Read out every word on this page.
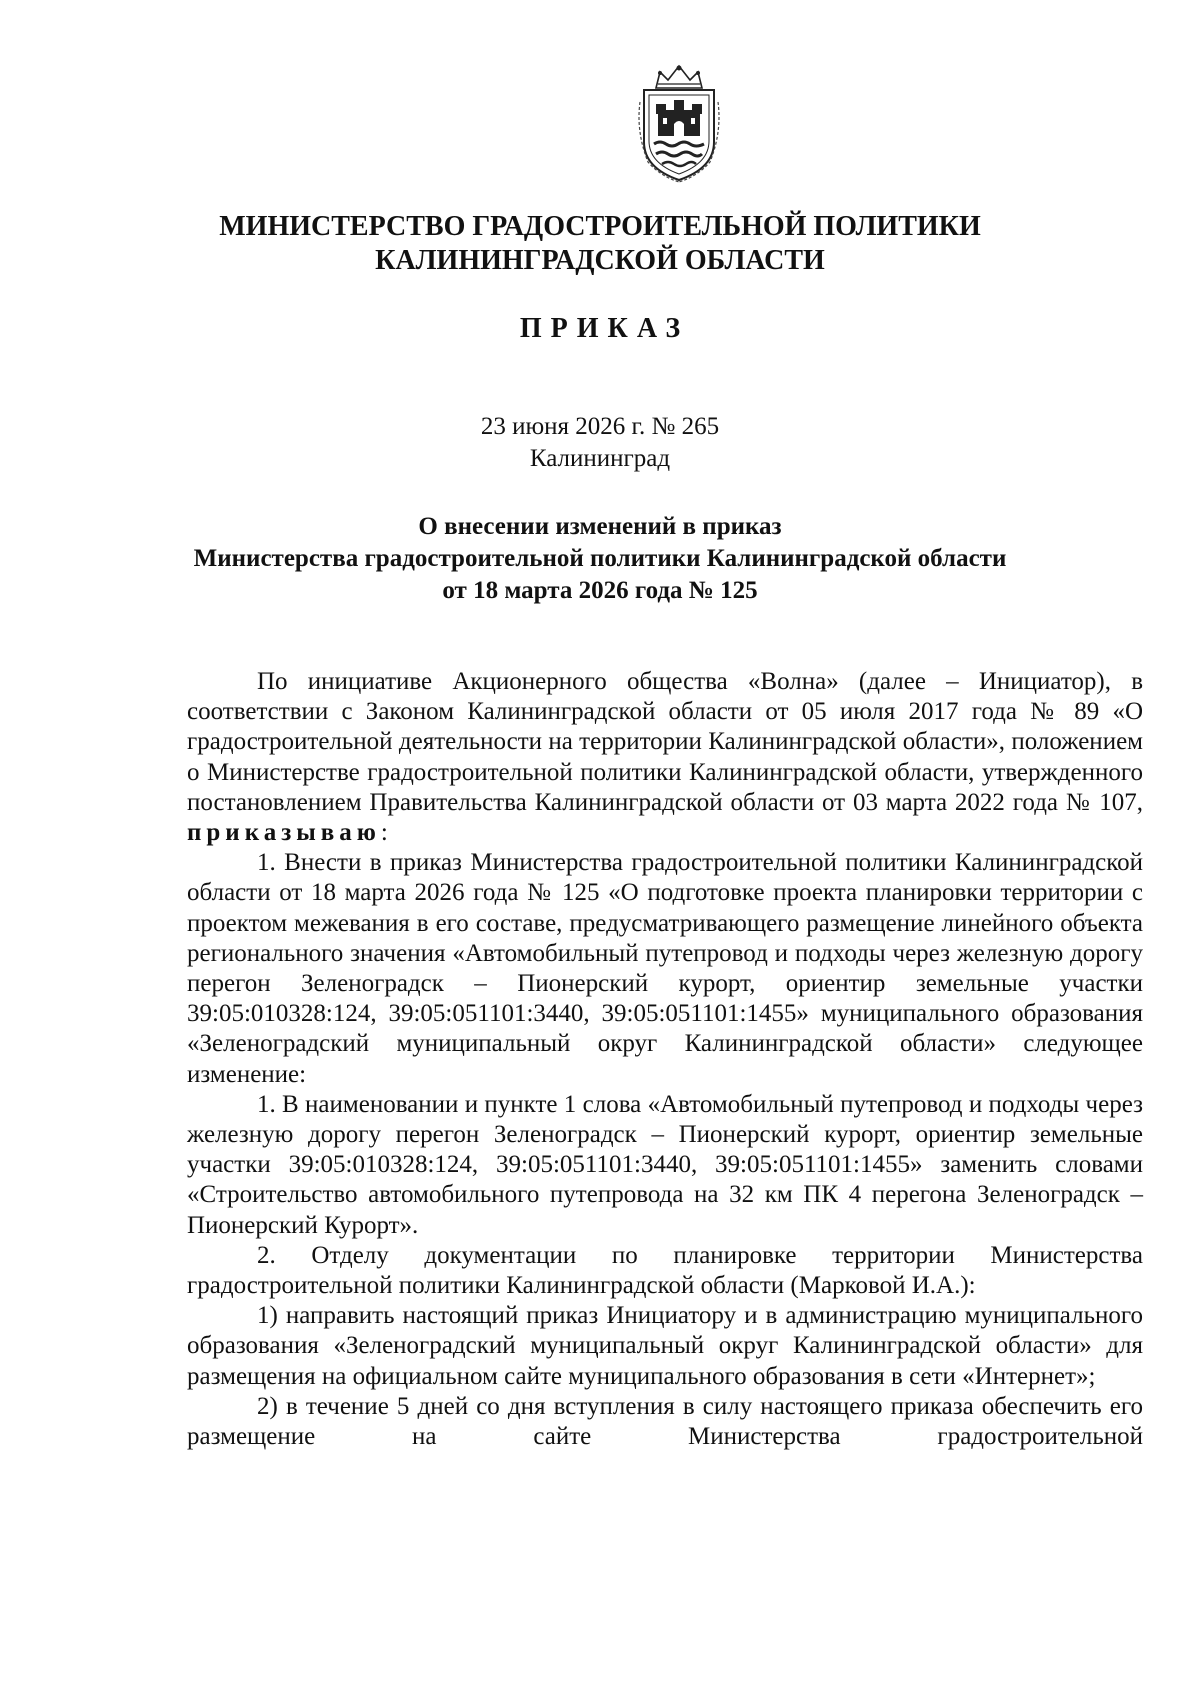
МИНИСТЕРСТВО ГРАДОСТРОИТЕЛЬНОЙ ПОЛИТИКИ
КАЛИНИНГРАДСКОЙ ОБЛАСТИ
ПРИКАЗ
23 июня 2026 г. № 265
Калининград
О внесении изменений в приказ
Министерства градостроительной политики Калининградской области
от 18 марта 2026 года № 125

По инициативе Акционерного общества «Волна» (далее – Инициатор), в соответствии с Законом Калининградской области от 05 июля 2017 года № 89 «О градостроительной деятельности на территории Калининградской области», положением о Министерстве градостроительной политики Калининградской области, утвержденного постановлением Правительства Калининградской области от 03 марта 2022 года № 107, приказываю:

1. Внести в приказ Министерства градостроительной политики Калининградской области от 18 марта 2026 года № 125 «О подготовке проекта планировки территории с проектом межевания в его составе, предусматривающего размещение линейного объекта регионального значения «Автомобильный путепровод и подходы через железную дорогу перегон Зеленоградск – Пионерский курорт, ориентир земельные участки 39:05:010328:124, 39:05:051101:3440, 39:05:051101:1455» муниципального образования «Зеленоградский муниципальный округ Калининградской области» следующее изменение:

1. В наименовании и пункте 1 слова «Автомобильный путепровод и подходы через железную дорогу перегон Зеленоградск – Пионерский курорт, ориентир земельные участки 39:05:010328:124, 39:05:051101:3440, 39:05:051101:1455» заменить словами «Строительство автомобильного путепровода на 32 км ПК 4 перегона Зеленоградск – Пионерский Курорт».

2. Отделу документации по планировке территории Министерства градостроительной политики Калининградской области (Марковой И.А.):

1) направить настоящий приказ Инициатору и в администрацию муниципального образования «Зеленоградский муниципальный округ Калининградской области» для размещения на официальном сайте муниципального образования в сети «Интернет»;

2) в течение 5 дней со дня вступления в силу настоящего приказа обеспечить его размещение на сайте Министерства градостроительной
